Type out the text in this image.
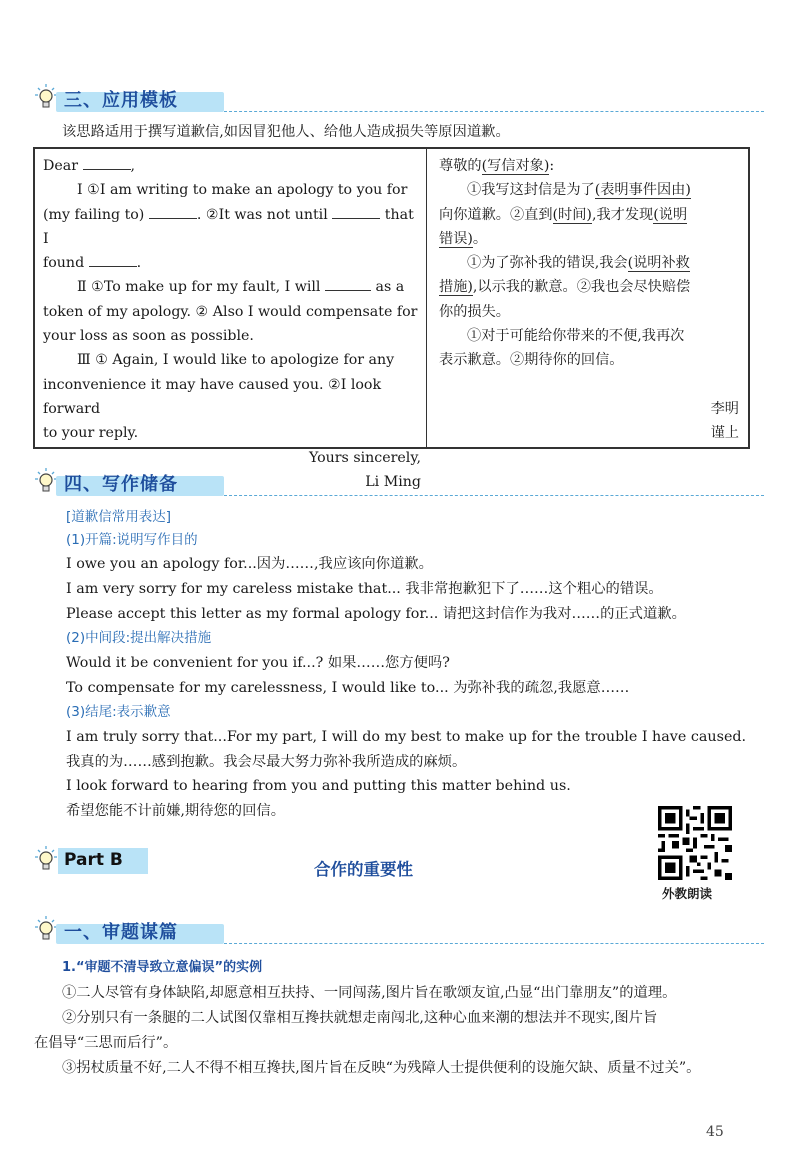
三、应用模板
该思路适用于撰写道歉信,如因冒犯他人、给他人造成损失等原因道歉。
Dear	,
Ⅰ ①I am writing to make an apology to you for
(my failing to)	. ②It was not until	that I
found	.
Ⅱ ①To make up for my fault, I will	as a
token of my apology. ② Also I would compensate for
your loss as soon as possible.
Ⅲ ① Again, I would like to apologize for any
inconvenience it may have caused you. ②I look forward
to your reply.
Yours sincerely,
Li Ming
尊敬的(写信对象):
①我写这封信是为了(表明事件因由)
向你道歉。②直到(时间),我才发现(说明
错误)。
①为了弥补我的错误,我会(说明补救
措施),以示我的歉意。②我也会尽快赔偿
你的损失。
①对于可能给你带来的不便,我再次
表示歉意。②期待你的回信。

李明
谨上
四、写作储备
[道歉信常用表达]
(1)开篇:说明写作目的
I owe you an apology for...因为……,我应该向你道歉。
I am very sorry for my careless mistake that... 我非常抱歉犯下了……这个粗心的错误。
Please accept this letter as my formal apology for... 请把这封信作为我对……的正式道歉。
(2)中间段:提出解决措施
Would it be convenient for you if...? 如果……您方便吗?
To compensate for my carelessness, I would like to... 为弥补我的疏忽,我愿意……
(3)结尾:表示歉意
I am truly sorry that...For my part, I will do my best to make up for the trouble I have caused.
我真的为……感到抱歉。我会尽最大努力弥补我所造成的麻烦。
I look forward to hearing from you and putting this matter behind us.
希望您能不计前嫌,期待您的回信。
Part B	合作的重要性
外教朗读
一、审题谋篇
1.“审题不清导致立意偏误”的实例
①二人尽管有身体缺陷,却愿意相互扶持、一同闯荡,图片旨在歌颂友谊,凸显“出门靠朋友”的道理。
②分别只有一条腿的二人试图仅靠相互搀扶就想走南闯北,这种心血来潮的想法并不现实,图片旨
在倡导“三思而后行”。
③拐杖质量不好,二人不得不相互搀扶,图片旨在反映“为残障人士提供便利的设施欠缺、质量不过关”。
45
